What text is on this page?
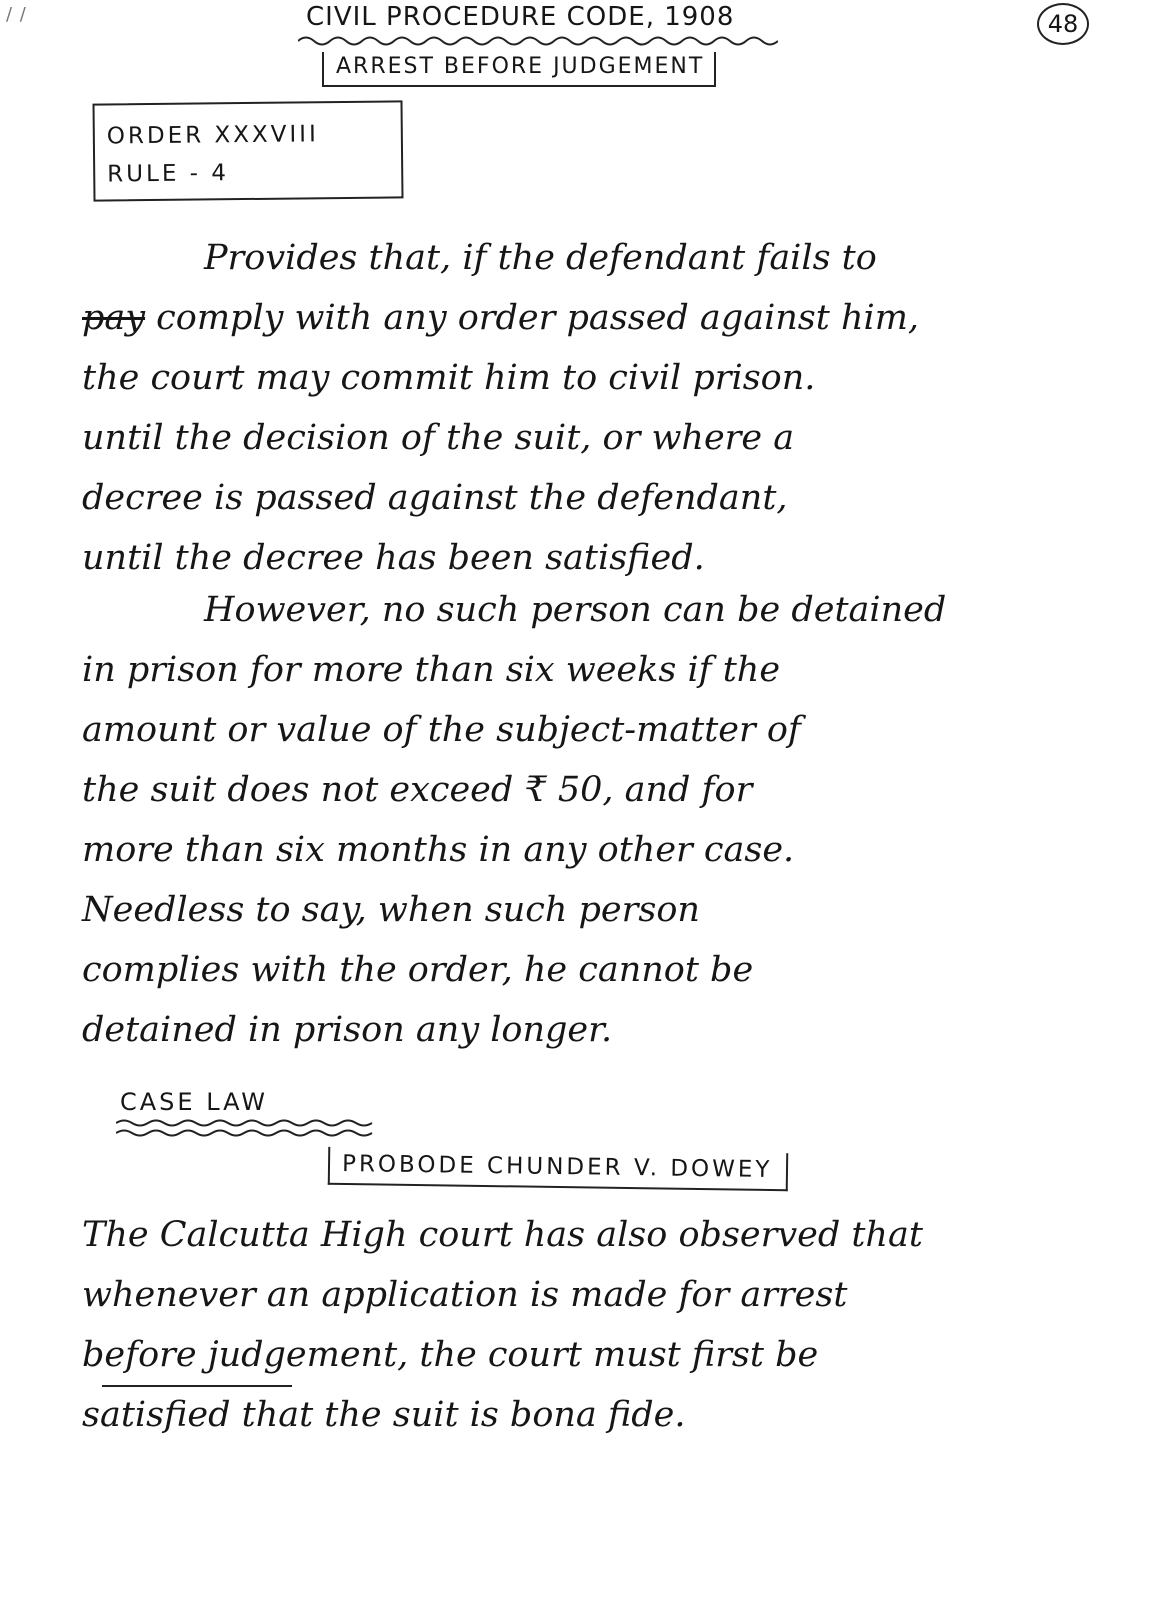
/ /	CIVIL PROCEDURE CODE, 1908	48
ARREST BEFORE JUDGEMENT
ORDER XXXVIII
RULE - 4
Provides that, if the defendant fails to
pay comply with any order passed against him,
the court may commit him to civil prison.
until the decision of the suit, or where a
decree is passed against the defendant,
until the decree has been satisfied.
However, no such person can be detained
in prison for more than six weeks if the
amount or value of the subject-matter of
the suit does not exceed ₹ 50, and for
more than six months in any other case.
Needless to say, when such person
complies with the order, he cannot be
detained in prison any longer.
CASE LAW
PROBODE CHUNDER V. DOWEY
The Calcutta High court has also observed that
whenever an application is made for arrest
before judgement, the court must first be
satisfied that the suit is bona fide.
